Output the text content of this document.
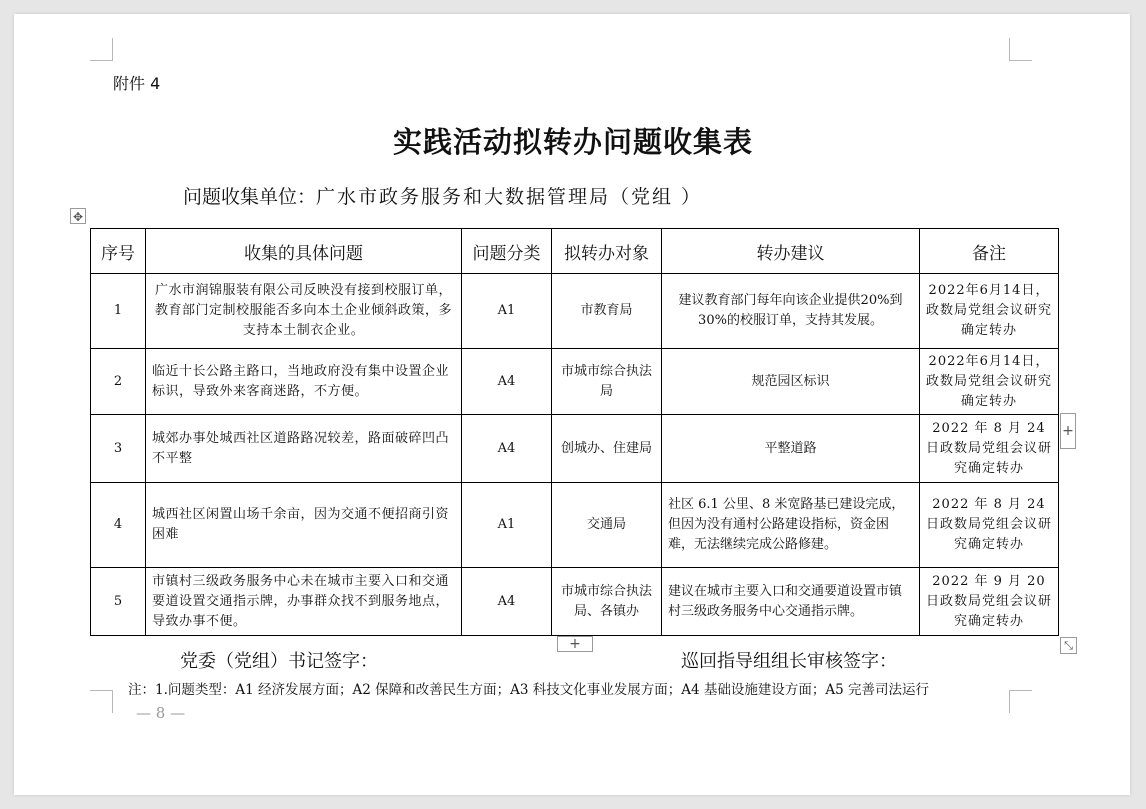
附件 4
实践活动拟转办问题收集表
问题收集单位：广水市政务服务和大数据管理局（党组 ）
✥
序号	收集的具体问题	问题分类	拟转办对象	转办建议	备注
1	广水市润锦服装有限公司反映没有接到校服订单，教育部门定制校服能否多向本土企业倾斜政策，多支持本土制衣企业。	A1	市教育局	建议教育部门每年向该企业提供20%到 30%的校服订单，支持其发展。	2022年6月14日，政数局党组会议研究确定转办
2	临近十长公路主路口，当地政府没有集中设置企业标识，导致外来客商迷路，不方便。	A4	市城市综合执法局	规范园区标识	2022年6月14日，政数局党组会议研究确定转办
3	城郊办事处城西社区道路路况较差，路面破碎凹凸不平整	A4	创城办、住建局	平整道路	2022 年 8 月 24 日政数局党组会议研究确定转办
4	城西社区闲置山场千余亩，因为交通不便招商引资困难	A1	交通局	社区 6.1 公里、8 米宽路基已建设完成，但因为没有通村公路建设指标，资金困难，无法继续完成公路修建。	2022 年 8 月 24 日政数局党组会议研究确定转办
5	市镇村三级政务服务中心未在城市主要入口和交通要道设置交通指示牌，办事群众找不到服务地点，导致办事不便。	A4	市城市综合执法局、各镇办	建议在城市主要入口和交通要道设置市镇村三级政务服务中心交通指示牌。	2022 年 9 月 20 日政数局党组会议研究确定转办
+
+	⤡
党委（党组）书记签字：	巡回指导组组长审核签字：
注：1.问题类型：A1 经济发展方面；A2 保障和改善民生方面；A3 科技文化事业发展方面；A4 基础设施建设方面；A5 完善司法运行
— 8 —
